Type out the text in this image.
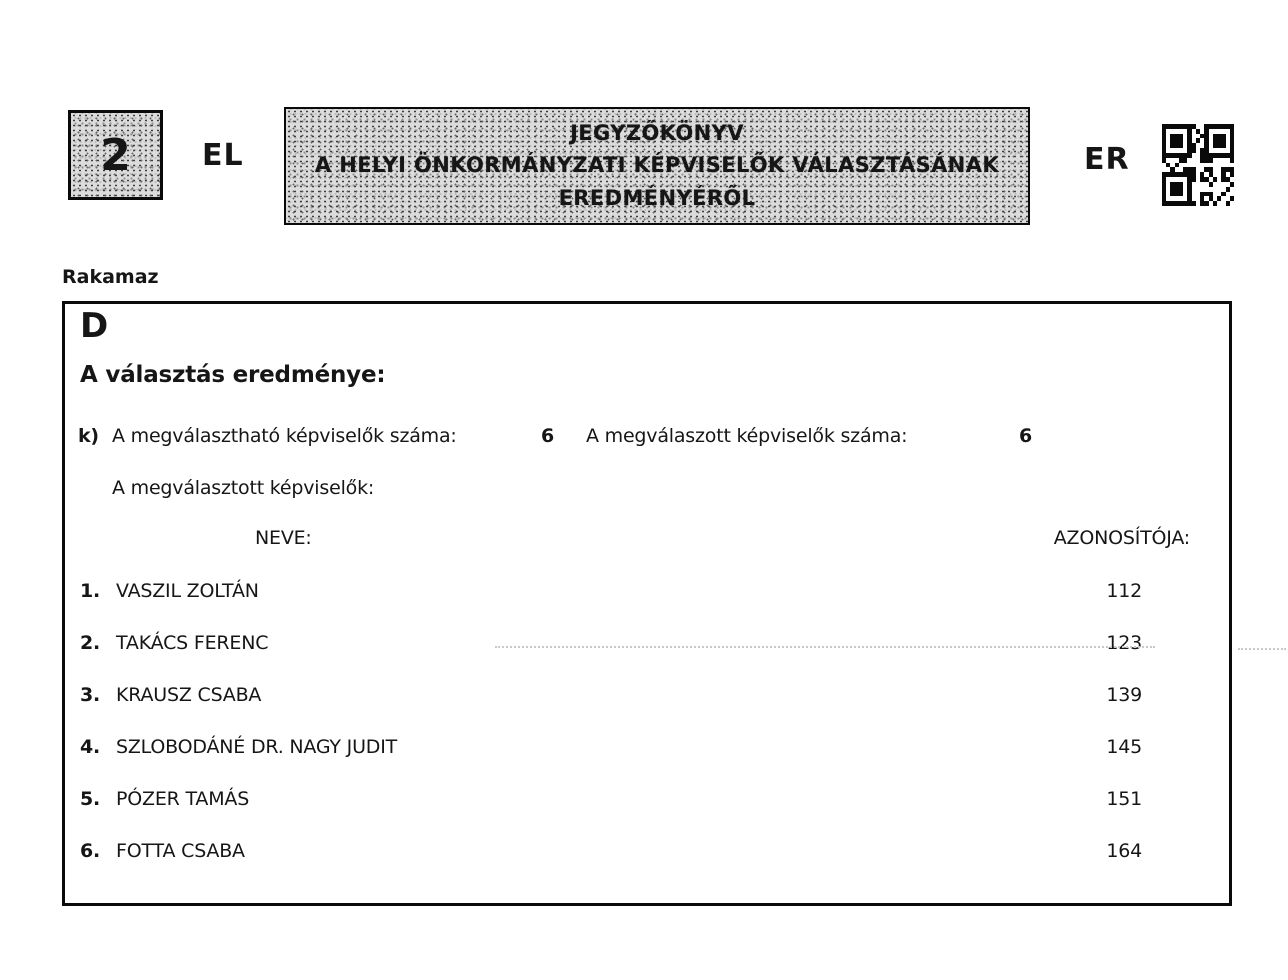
2 EL
JEGYZŐKÖNYV
A HELYI ÖNKORMÁNYZATI KÉPVISELŐK VÁLASZTÁSÁNAK
EREDMÉNYÉRŐL
ER
Rakamaz
D
A választás eredménye:
k) A megválasztható képviselők száma:	6 A megválaszott képviselők száma:	6
A megválasztott képviselők:
NEVE:	AZONOSÍTÓJA:
1. VASZIL ZOLTÁN	112
2. TAKÁCS FERENC	123
3. KRAUSZ CSABA	139
4. SZLOBODÁNÉ DR. NAGY JUDIT	145
5. PÓZER TAMÁS	151
6. FOTTA CSABA	164
